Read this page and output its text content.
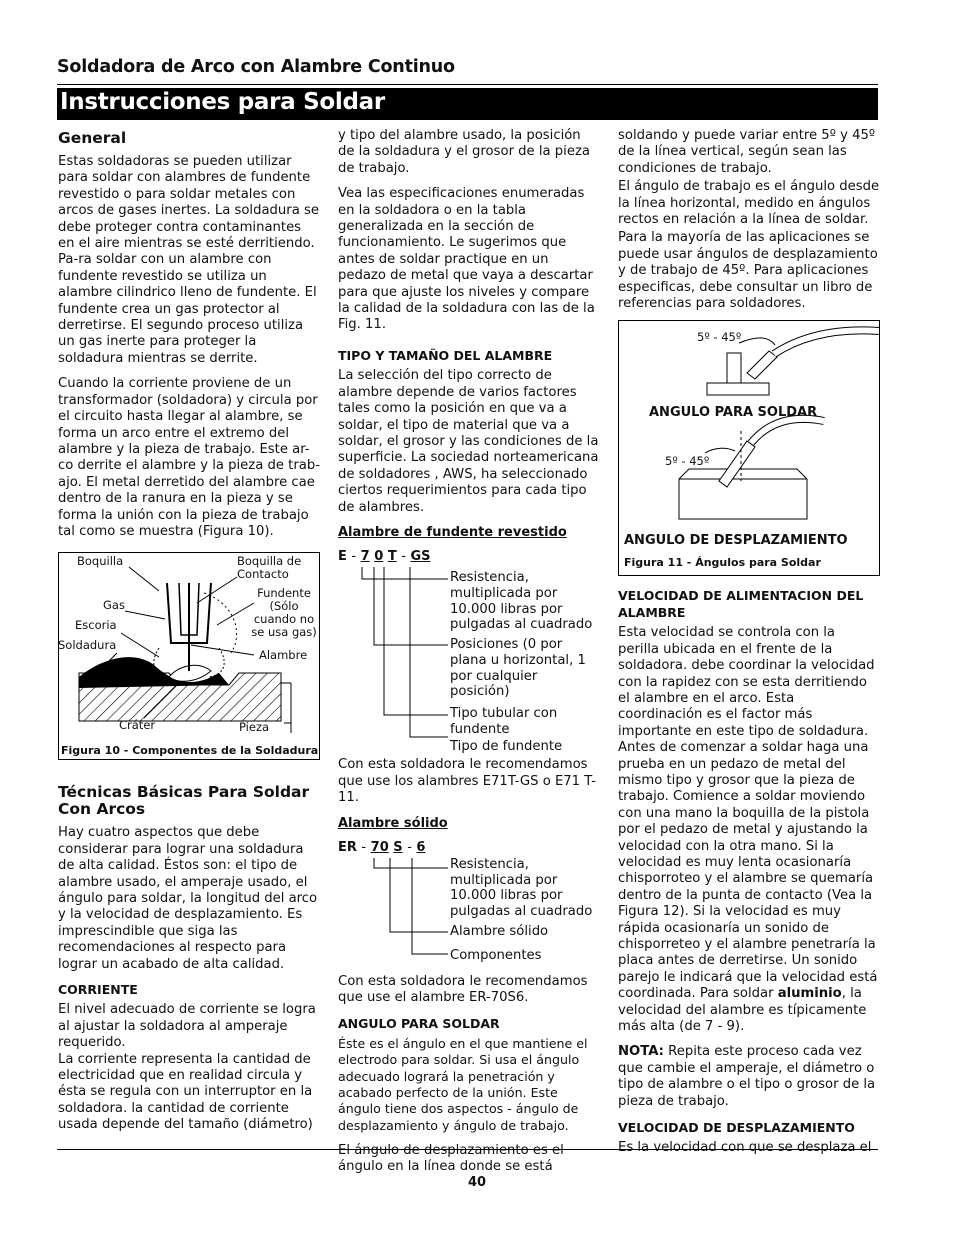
Soldadora de Arco con Alambre Continuo
Instrucciones para Soldar
General

Estas soldadoras se pueden utilizar para soldar con alambres de fundente revestido o para soldar metales con arcos de gases inertes. La soldadura se debe proteger contra contaminantes en el aire mientras se esté derritiendo. Pa-ra soldar con un alambre con fundente revestido se utiliza un alambre cilindrico lleno de fundente. El fundente crea un gas protector al derretirse. El segundo proceso utiliza un gas inerte para proteger la soldadura mientras se derrite.

Cuando la corriente proviene de un transformador (soldadora) y circula por el circuito hasta llegar al alambre, se forma un arco entre el extremo del alambre y la pieza de trabajo. Este ar-co derrite el alambre y la pieza de trab-ajo. El metal derretido del alambre cae dentro de la ranura en la pieza y se forma la unión con la pieza de trabajo tal como se muestra (Figura 10).

Boquilla	Boquilla de Contacto
Gas
Fundente (Sólo cuando no se usa gas)
Escoria
Soldadura
Alambre
Cráter	Pieza
Figura 10 - Componentes de la Soldadura
Técnicas Básicas Para Soldar Con Arcos

Hay cuatro aspectos que debe considerar para lograr una soldadura de alta calidad. Éstos son: el tipo de alambre usado, el amperaje usado, el ángulo para soldar, la longitud del arco y la velocidad de desplazamiento. Es imprescindible que siga las recomendaciones al respecto para lograr un acabado de alta calidad.

CORRIENTE

El nivel adecuado de corriente se logra al ajustar la soldadora al amperaje requerido.

La corriente representa la cantidad de electricidad que en realidad circula y ésta se regula con un interruptor en la soldadora. la cantidad de corriente usada depende del tamaño (diámetro)

y tipo del alambre usado, la posición de la soldadura y el grosor de la pieza de trabajo.

Vea las especificaciones enumeradas en la soldadora o en la tabla generalizada en la sección de funcionamiento. Le sugerimos que antes de soldar practique en un pedazo de metal que vaya a descartar para que ajuste los niveles y compare la calidad de la soldadura con las de la Fig. 11.

TIPO Y TAMAÑO DEL ALAMBRE

La selección del tipo correcto de alambre depende de varios factores tales como la posición en que va a soldar, el tipo de material que va a soldar, el grosor y las condiciones de la superficie. La sociedad norteamericana de soldadores , AWS, ha seleccionado ciertos requerimientos para cada tipo de alambres.

Alambre de fundente revestido
E - 7 0 T - GS
Resistencia, multiplicada por 10.000 libras por pulgadas al cuadrado
Posiciones (0 por plana u horizontal, 1 por cualquier posición)
Tipo tubular con fundente
Tipo de fundente

Con esta soldadora le recomendamos que use los alambres E71T-GS o E71 T-11.

Alambre sólido
ER - 70 S - 6
Resistencia, multiplicada por 10.000 libras por pulgadas al cuadrado
Alambre sólido
Componentes

Con esta soldadora le recomendamos que use el alambre ER-70S6.

ANGULO PARA SOLDAR

Éste es el ángulo en el que mantiene el electrodo para soldar. Si usa el ángulo adecuado logrará la penetración y acabado perfecto de la unión. Este ángulo tiene dos aspectos - ángulo de desplazamiento y ángulo de trabajo.

El ángulo de desplazamiento es el ángulo en la línea donde se está

soldando y puede variar entre 5º y 45º de la línea vertical, según sean las condiciones de trabajo.

El ángulo de trabajo es el ángulo desde la línea horizontal, medido en ángulos rectos en relación a la línea de soldar.

Para la mayoría de las aplicaciones se puede usar ángulos de desplazamiento y de trabajo de 45º. Para aplicaciones especificas, debe consultar un libro de referencias para soldadores.

5º - 45º
ANGULO PARA SOLDAR
5º - 45º
ANGULO DE DESPLAZAMIENTO
Figura 11 - Ángulos para Soldar
VELOCIDAD DE ALIMENTACION DEL ALAMBRE

Esta velocidad se controla con la perilla ubicada en el frente de la soldadora. debe coordinar la velocidad con la rapidez con se esta derritiendo el alambre en el arco. Esta coordinación es el factor más importante en este tipo de soldadura. Antes de comenzar a soldar haga una prueba en un pedazo de metal del mismo tipo y grosor que la pieza de trabajo. Comience a soldar moviendo con una mano la boquilla de la pistola por el pedazo de metal y ajustando la velocidad con la otra mano. Si la velocidad es muy lenta ocasionaría chisporroteo y el alambre se quemaría dentro de la punta de contacto (Vea la Figura 12). Si la velocidad es muy rápida ocasionaría un sonido de chisporreteo y el alambre penetraría la placa antes de derretirse. Un sonido parejo le indicará que la velocidad está coordinada. Para soldar aluminio, la velocidad del alambre es típicamente más alta (de 7 - 9).

NOTA: Repita este proceso cada vez que cambie el amperaje, el diámetro o tipo de alambre o el tipo o grosor de la pieza de trabajo.

VELOCIDAD DE DESPLAZAMIENTO

Es la velocidad con que se desplaza el

40
